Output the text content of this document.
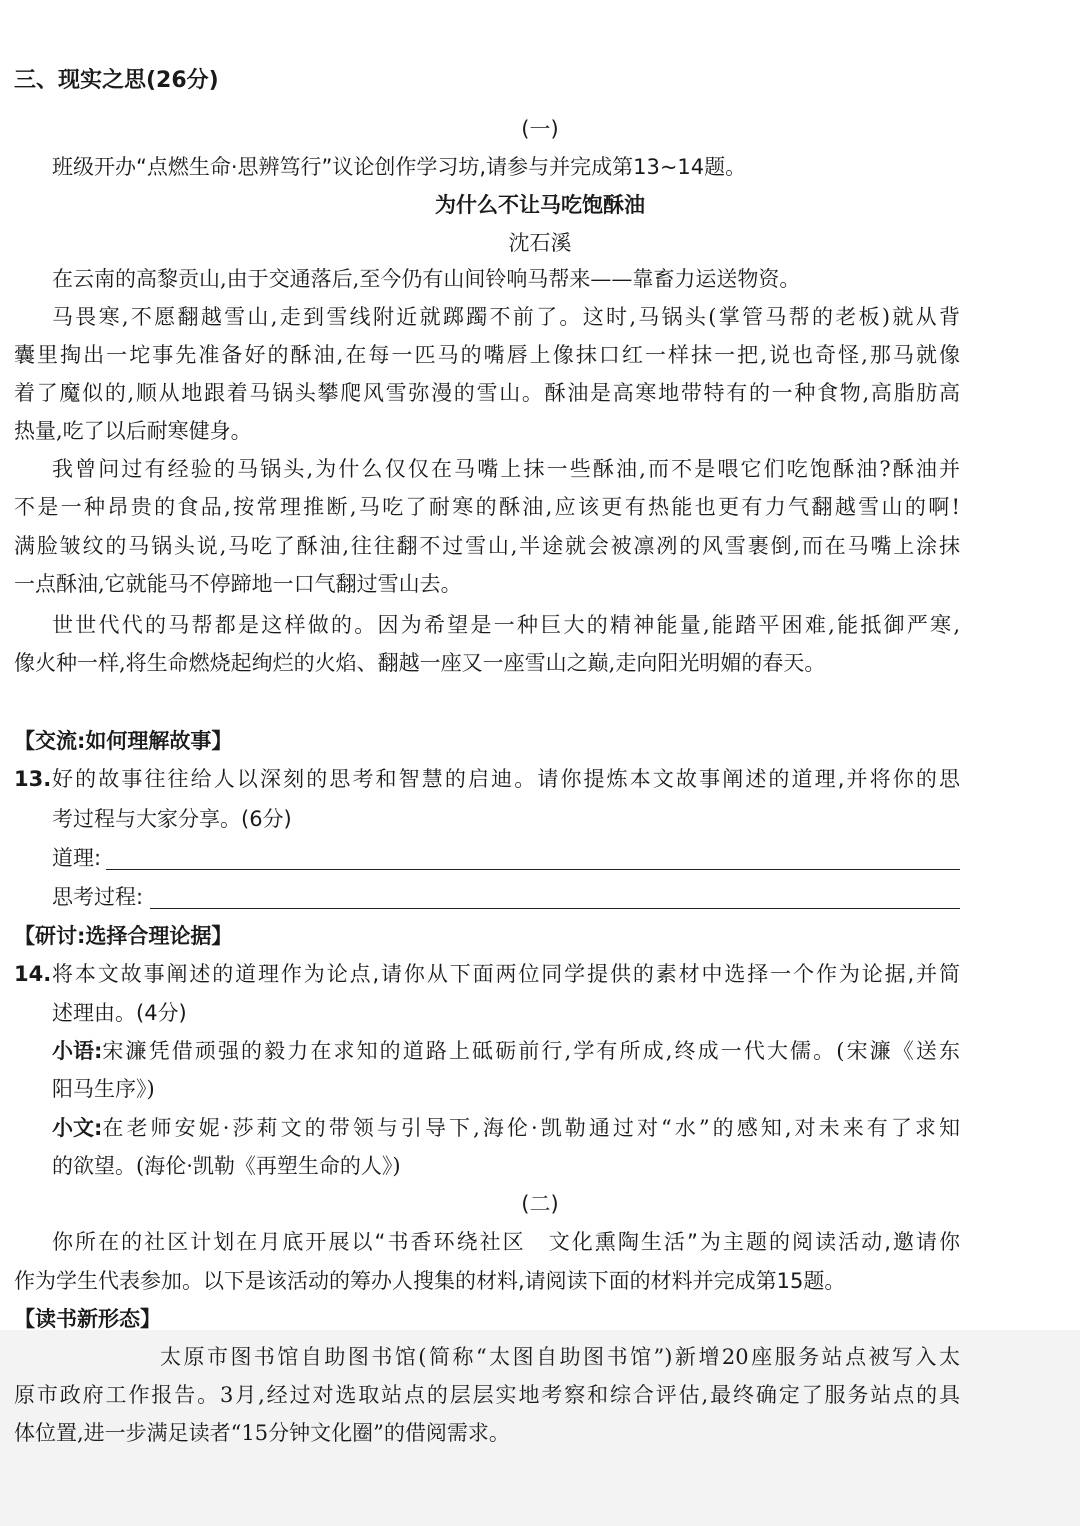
三、现实之思(26分)
(一)
班级开办“点燃生命·思辨笃行”议论创作学习坊,请参与并完成第13~14题。
为什么不让马吃饱酥油
沈石溪
在云南的高黎贡山,由于交通落后,至今仍有山间铃响马帮来——靠畜力运送物资。
马畏寒,不愿翻越雪山,走到雪线附近就踯躅不前了。这时,马锅头(掌管马帮的老板)就从背
囊里掏出一坨事先准备好的酥油,在每一匹马的嘴唇上像抹口红一样抹一把,说也奇怪,那马就像
着了魔似的,顺从地跟着马锅头攀爬风雪弥漫的雪山。酥油是高寒地带特有的一种食物,高脂肪高
热量,吃了以后耐寒健身。
我曾问过有经验的马锅头,为什么仅仅在马嘴上抹一些酥油,而不是喂它们吃饱酥油?酥油并
不是一种昂贵的食品,按常理推断,马吃了耐寒的酥油,应该更有热能也更有力气翻越雪山的啊!
满脸皱纹的马锅头说,马吃了酥油,往往翻不过雪山,半途就会被凛冽的风雪裹倒,而在马嘴上涂抹
一点酥油,它就能马不停蹄地一口气翻过雪山去。
世世代代的马帮都是这样做的。因为希望是一种巨大的精神能量,能踏平困难,能抵御严寒,
像火种一样,将生命燃烧起绚烂的火焰、翻越一座又一座雪山之巅,走向阳光明媚的春天。
【交流:如何理解故事】
13. 好的故事往往给人以深刻的思考和智慧的启迪。请你提炼本文故事阐述的道理,并将你的思
考过程与大家分享。(6分)
道理:
思考过程:
【研讨:选择合理论据】
14. 将本文故事阐述的道理作为论点,请你从下面两位同学提供的素材中选择一个作为论据,并简
述理由。(4分)
小语: 宋濂凭借顽强的毅力在求知的道路上砥砺前行,学有所成,终成一代大儒。(宋濂《送东
阳马生序》)
小文: 在老师安妮·莎莉文的带领与引导下,海伦·凯勒通过对“水”的感知,对未来有了求知
的欲望。(海伦·凯勒《再塑生命的人》)
(二)
你所在的社区计划在月底开展以“书香环绕社区　文化熏陶生活”为主题的阅读活动,邀请你
作为学生代表参加。以下是该活动的筹办人搜集的材料,请阅读下面的材料并完成第15题。
【读书新形态】
太原市图书馆自助图书馆(简称“太图自助图书馆”)新增20座服务站点被写入太
原市政府工作报告。3月,经过对选取站点的层层实地考察和综合评估,最终确定了服务站点的具
体位置,进一步满足读者“15分钟文化圈”的借阅需求。
